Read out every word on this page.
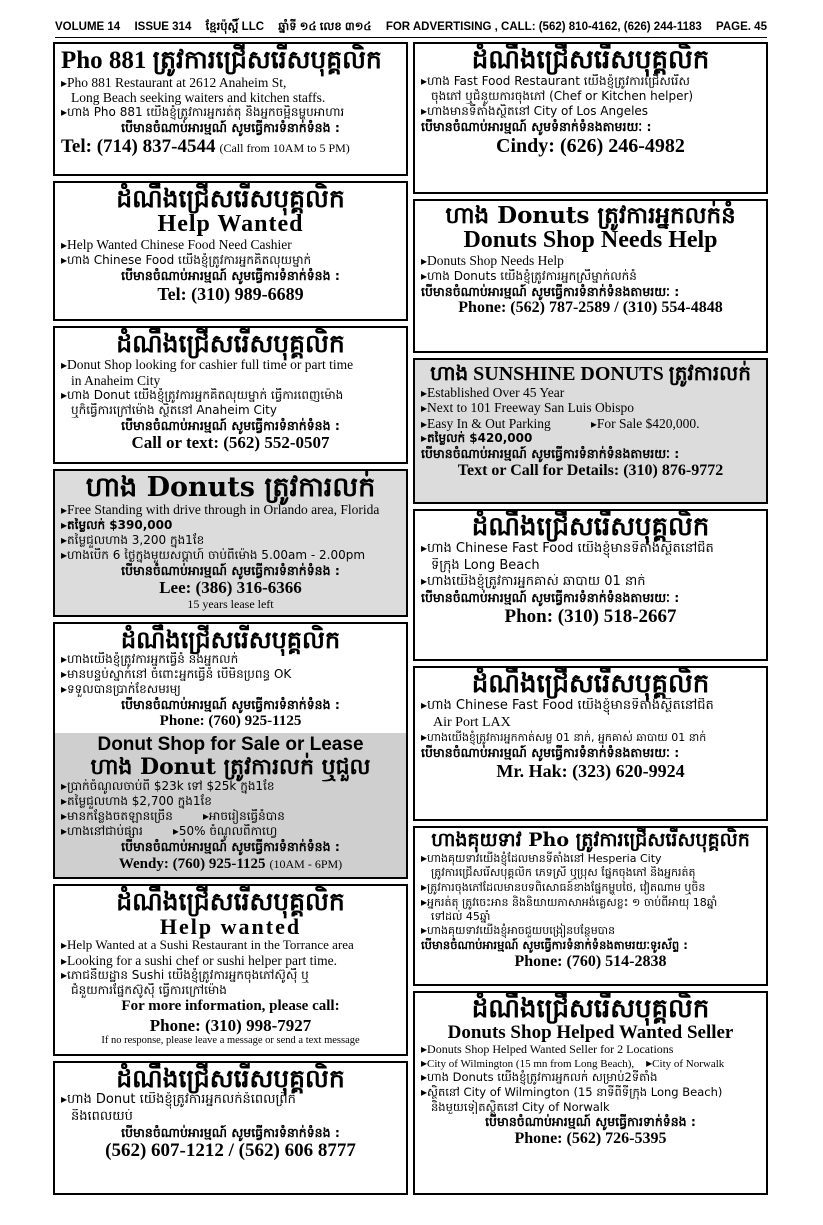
VOLUME 14 ISSUE 314 ខ្មែរប៉ុស្ដិ៍ LLC ឆ្នាំទី ១៤ លេខ ៣១៤ FOR ADVERTISING , CALL: (562) 810-4162, (626) 244-1183 PAGE. 45
Pho 881 ត្រូវការជ្រើសរើសបុគ្គលិក
▸ Pho 881 Restaurant at 2612 Anaheim St,
Long Beach seeking waiters and kitchen staffs.
▸ ហាង Pho 881 យើងខ្ញុំត្រូវការអ្នករត់តុ និងអ្នកចម្អិនម្ហូបអាហារ
បើមានចំណាប់អារម្មណ៍ សូមធ្វើការទំនាក់ទំនង :
Tel: (714) 837-4544 (Call from 10AM to 5 PM)
ដំណឹងជ្រើសរើសបុគ្គលិក
Help Wanted
▸ Help Wanted Chinese Food Need Cashier
▸ ហាង Chinese Food យើងខ្ញុំត្រូវការអ្នកគិតលុយម្នាក់
បើមានចំណាប់អារម្មណ៍ សូមធ្វើការទំនាក់ទំនង :
Tel: (310) 989-6689
ដំណឹងជ្រើសរើសបុគ្គលិក
▸ Donut Shop looking for cashier full time or part time
in Anaheim City
▸ ហាង Donut យើងខ្ញុំត្រូវការអ្នកគិតលុយម្នាក់ ធ្វើការពេញម៉ោង
ឬក៏ធ្វើការក្រៅម៉ោង ស្ថិតនៅ Anaheim City
បើមានចំណាប់អារម្មណ៍ សូមធ្វើការទំនាក់ទំនង :
Call or text: (562) 552-0507
ហាង Donuts ត្រូវការលក់
▸ Free Standing with drive through in Orlando area, Florida
▸ តម្លៃលក់ $390,000
▸ តម្លៃជួលហាង 3,200 ក្នុង1ខែ
▸ ហាងបើក 6 ថ្ងៃក្នុងមួយសប្ដាហ៍ ចាប់ពីម៉ោង 5.00am - 2.00pm
បើមានចំណាប់អារម្មណ៍ សូមធ្វើការទំនាក់ទំនង :
Lee: (386) 316-6366
15 years lease left
ដំណឹងជ្រើសរើសបុគ្គលិក
▸ ហាងយើងខ្ញុំត្រូវការអ្នកធ្វើនំ និងអ្នកលក់
▸ មានបន្ទប់ស្នាក់នៅ ចំពោះអ្នកធ្វើនំ បើមិនប្រពន្ធ OK
▸ ទទួលបានប្រាក់ខែសមរម្យ
បើមានចំណាប់អារម្មណ៍ សូមធ្វើការទំនាក់ទំនង :
Phone: (760) 925-1125
Donut Shop for Sale or Lease
ហាង Donut ត្រូវការលក់ ឬជួល
▸ ប្រាក់ចំណូលចាប់ពី $23k ទៅ $25k ក្នុង1ខែ
▸ តម្លៃជួលហាង $2,700 ក្នុង1ខែ
▸ មានកន្លែងចតឡានច្រើន	▸ អាចរៀនធ្វើនំបាន
▸ ហាងនៅជាប់ផ្សារ	▸ 50% ចំណូលពីកាហ្វេ
បើមានចំណាប់អារម្មណ៍ សូមធ្វើការទំនាក់ទំនង :
Wendy: (760) 925-1125 (10AM - 6PM)
ដំណឹងជ្រើសរើសបុគ្គលិក
Help wanted
▸ Help Wanted at a Sushi Restaurant in the Torrance area
▸ Looking for a sushi chef or sushi helper part time.
▸ ភោជនីយដ្ឋាន Sushi យើងខ្ញុំត្រូវការអ្នកចុងភៅស៊ូស៊ី ឬ
ជំនួយការផ្នែកស៊ូស៊ី ធ្វើការក្រៅម៉ោង
For more information, please call:
Phone: (310) 998-7927
If no response, please leave a message or send a text message
ដំណឹងជ្រើសរើសបុគ្គលិក
▸ ហាង Donut យើងខ្ញុំត្រូវការអ្នកលក់នំពេលព្រឹក
និងពេលយប់
បើមានចំណាប់អារម្មណ៍ សូមធ្វើការទំនាក់ទំនង :
(562) 607-1212 / (562) 606 8777
ដំណឹងជ្រើសរើសបុគ្គលិក
▸ ហាង Fast Food Restaurant យើងខ្ញុំត្រូវការជ្រើសរើស
ចុងភៅ ឬជំនួយការចុងភៅ (Chef or Kitchen helper)
▸ ហាងមានទីតាំងស្ថិតនៅ City of Los Angeles
បើមានចំណាប់អារម្មណ៍ សូមទំនាក់ទំនងតាមរយៈ :
Cindy: (626) 246-4982
ហាង Donuts ត្រូវការអ្នកលក់នំ
Donuts Shop Needs Help
▸ Donuts Shop Needs Help
▸ ហាង Donuts យើងខ្ញុំត្រូវការអ្នកស្រីម្នាក់លក់នំ
បើមានចំណាប់អារម្មណ៍ សូមធ្វើការទំនាក់ទំនងតាមរយៈ :
Phone: (562) 787-2589 / (310) 554-4848
ហាង SUNSHINE DONUTS ត្រូវការលក់
▸ Established Over 45 Year
▸ Next to 101 Freeway San Luis Obispo
▸ Easy In & Out Parking	▸ For Sale $420,000.
▸ តម្លៃលក់ $420,000
បើមានចំណាប់អារម្មណ៍ សូមធ្វើការទំនាក់ទំនងតាមរយៈ :
Text or Call for Details: (310) 876-9772
ដំណឹងជ្រើសរើសបុគ្គលិក
▸ ហាង Chinese Fast Food យើងខ្ញុំមានទីតាំងស្ថិតនៅជិត
ទីក្រុង Long Beach
▸ ហាងយើងខ្ញុំត្រូវការអ្នកគាស់ ឆាបាយ 01 នាក់
បើមានចំណាប់អារម្មណ៍ សូមធ្វើការទំនាក់ទំនងតាមរយៈ :
Phon: (310) 518-2667
ដំណឹងជ្រើសរើសបុគ្គលិក
▸ ហាង Chinese Fast Food យើងខ្ញុំមានទីតាំងស្ថិតនៅជិត
Air Port LAX
▸ ហាងយើងខ្ញុំត្រូវការអ្នកកាត់សម្ល 01 នាក់, អ្នកគាស់ ឆាបាយ 01 នាក់
បើមានចំណាប់អារម្មណ៍ សូមធ្វើការទំនាក់ទំនងតាមរយៈ :
Mr. Hak: (323) 620-9924
ហាងគុយទាវ Pho ត្រូវការជ្រើសរើសបុគ្គលិក
▸ ហាងគុយទាវយើងខ្ញុំដែលមានទីតាំងនៅ Hesperia City
ត្រូវការជ្រើសរើសបុគ្គលិក ភេទស្រី ឬប្រុស ផ្នែកចុងភៅ និងអ្នករត់តុ
▸ ត្រូវការចុងភៅដែលមានបទពិសោធន៍ខាងផ្នែកម្ហូបថៃ, វៀតណាម ឬចិន
▸ អ្នករត់តុ ត្រូវចេះអាន និងនិយាយភាសាអង់គ្លេសខ្លះ ១ ចាប់ពីអាយុ 18ឆ្នាំ
ទៅដល់ 45ឆ្នាំ
▸ ហាងគុយទាវយើងខ្ញុំអាចជួយបង្រៀនបន្ថែមបាន
បើមានចំណាប់អារម្មណ៍ សូមធ្វើការទំនាក់ទំនងតាមរយៈទូរស័ព្ទ :
Phone: (760) 514-2838
ដំណឹងជ្រើសរើសបុគ្គលិក
Donuts Shop Helped Wanted Seller
▸ Donuts Shop Helped Wanted Seller for 2 Locations
▸ City of Wilmington (15 mn from Long Beach),	▸ City of Norwalk
▸ ហាង Donuts យើងខ្ញុំត្រូវការអ្នកលក់ សម្រាប់2ទីតាំង
▸ ស្ថិតនៅ City of Wilmington (15 នាទីពីទីក្រុង Long Beach)
និងមួយទៀតស្ថិតនៅ City of Norwalk
បើមានចំណាប់អារម្មណ៍ សូមធ្វើការទាក់ទំនង :
Phone: (562) 726-5395
